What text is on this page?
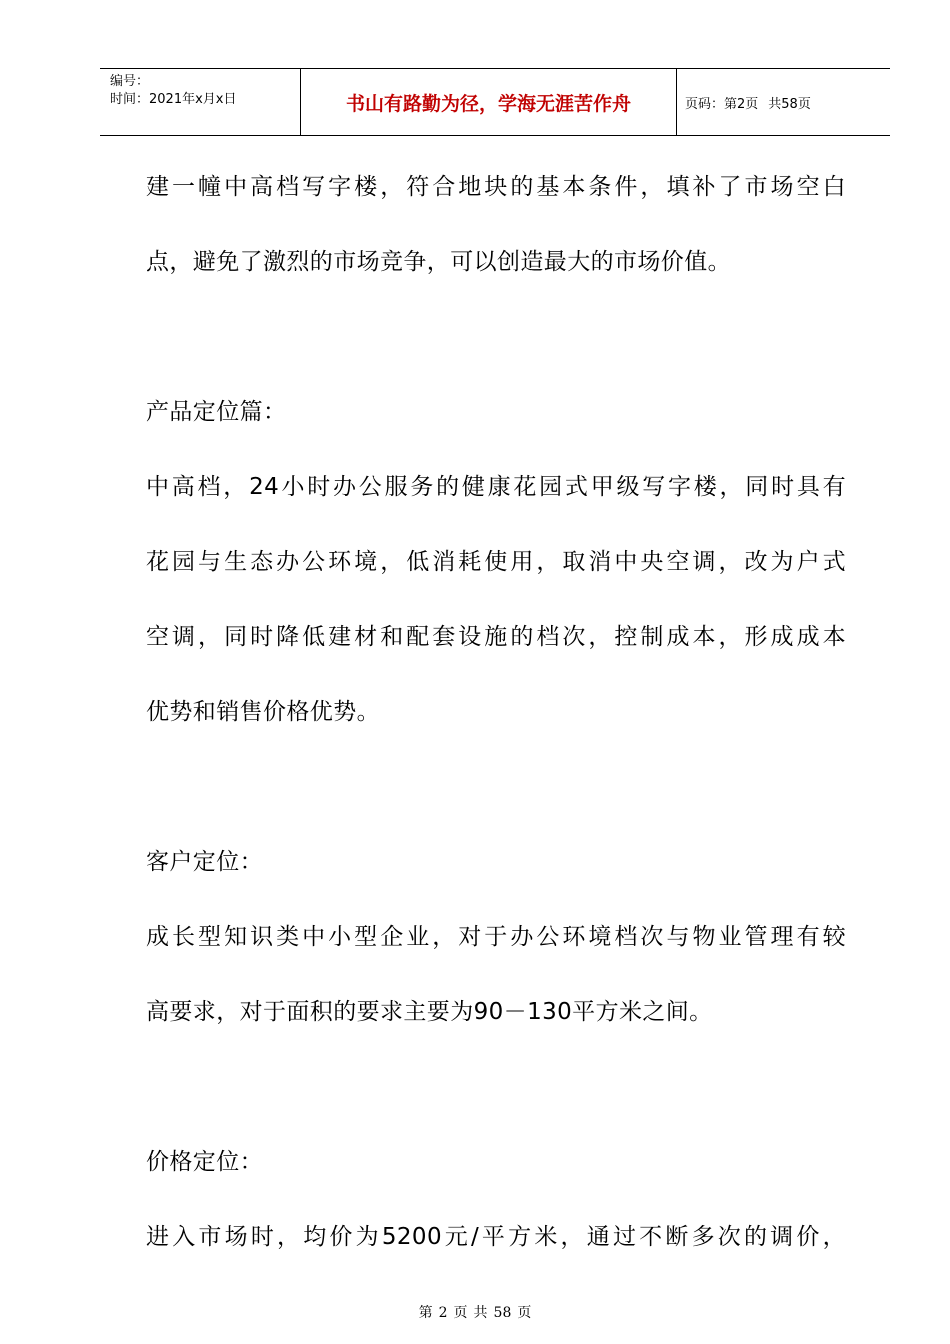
编号：
时间：2021年x月x日	书山有路勤为径，学海无涯苦作舟	页码：第2页 共58页
建一幢中高档写字楼，符合地块的基本条件，填补了市场空白
点，避免了激烈的市场竞争，可以创造最大的市场价值。
产品定位篇：
中高档，24小时办公服务的健康花园式甲级写字楼，同时具有
花园与生态办公环境，低消耗使用，取消中央空调，改为户式
空调，同时降低建材和配套设施的档次，控制成本，形成成本
优势和销售价格优势。
客户定位：
成长型知识类中小型企业，对于办公环境档次与物业管理有较
高要求，对于面积的要求主要为90－130平方米之间。
价格定位：
进入市场时，均价为5200元/平方米，通过不断多次的调价，
第 2 页 共 58 页
